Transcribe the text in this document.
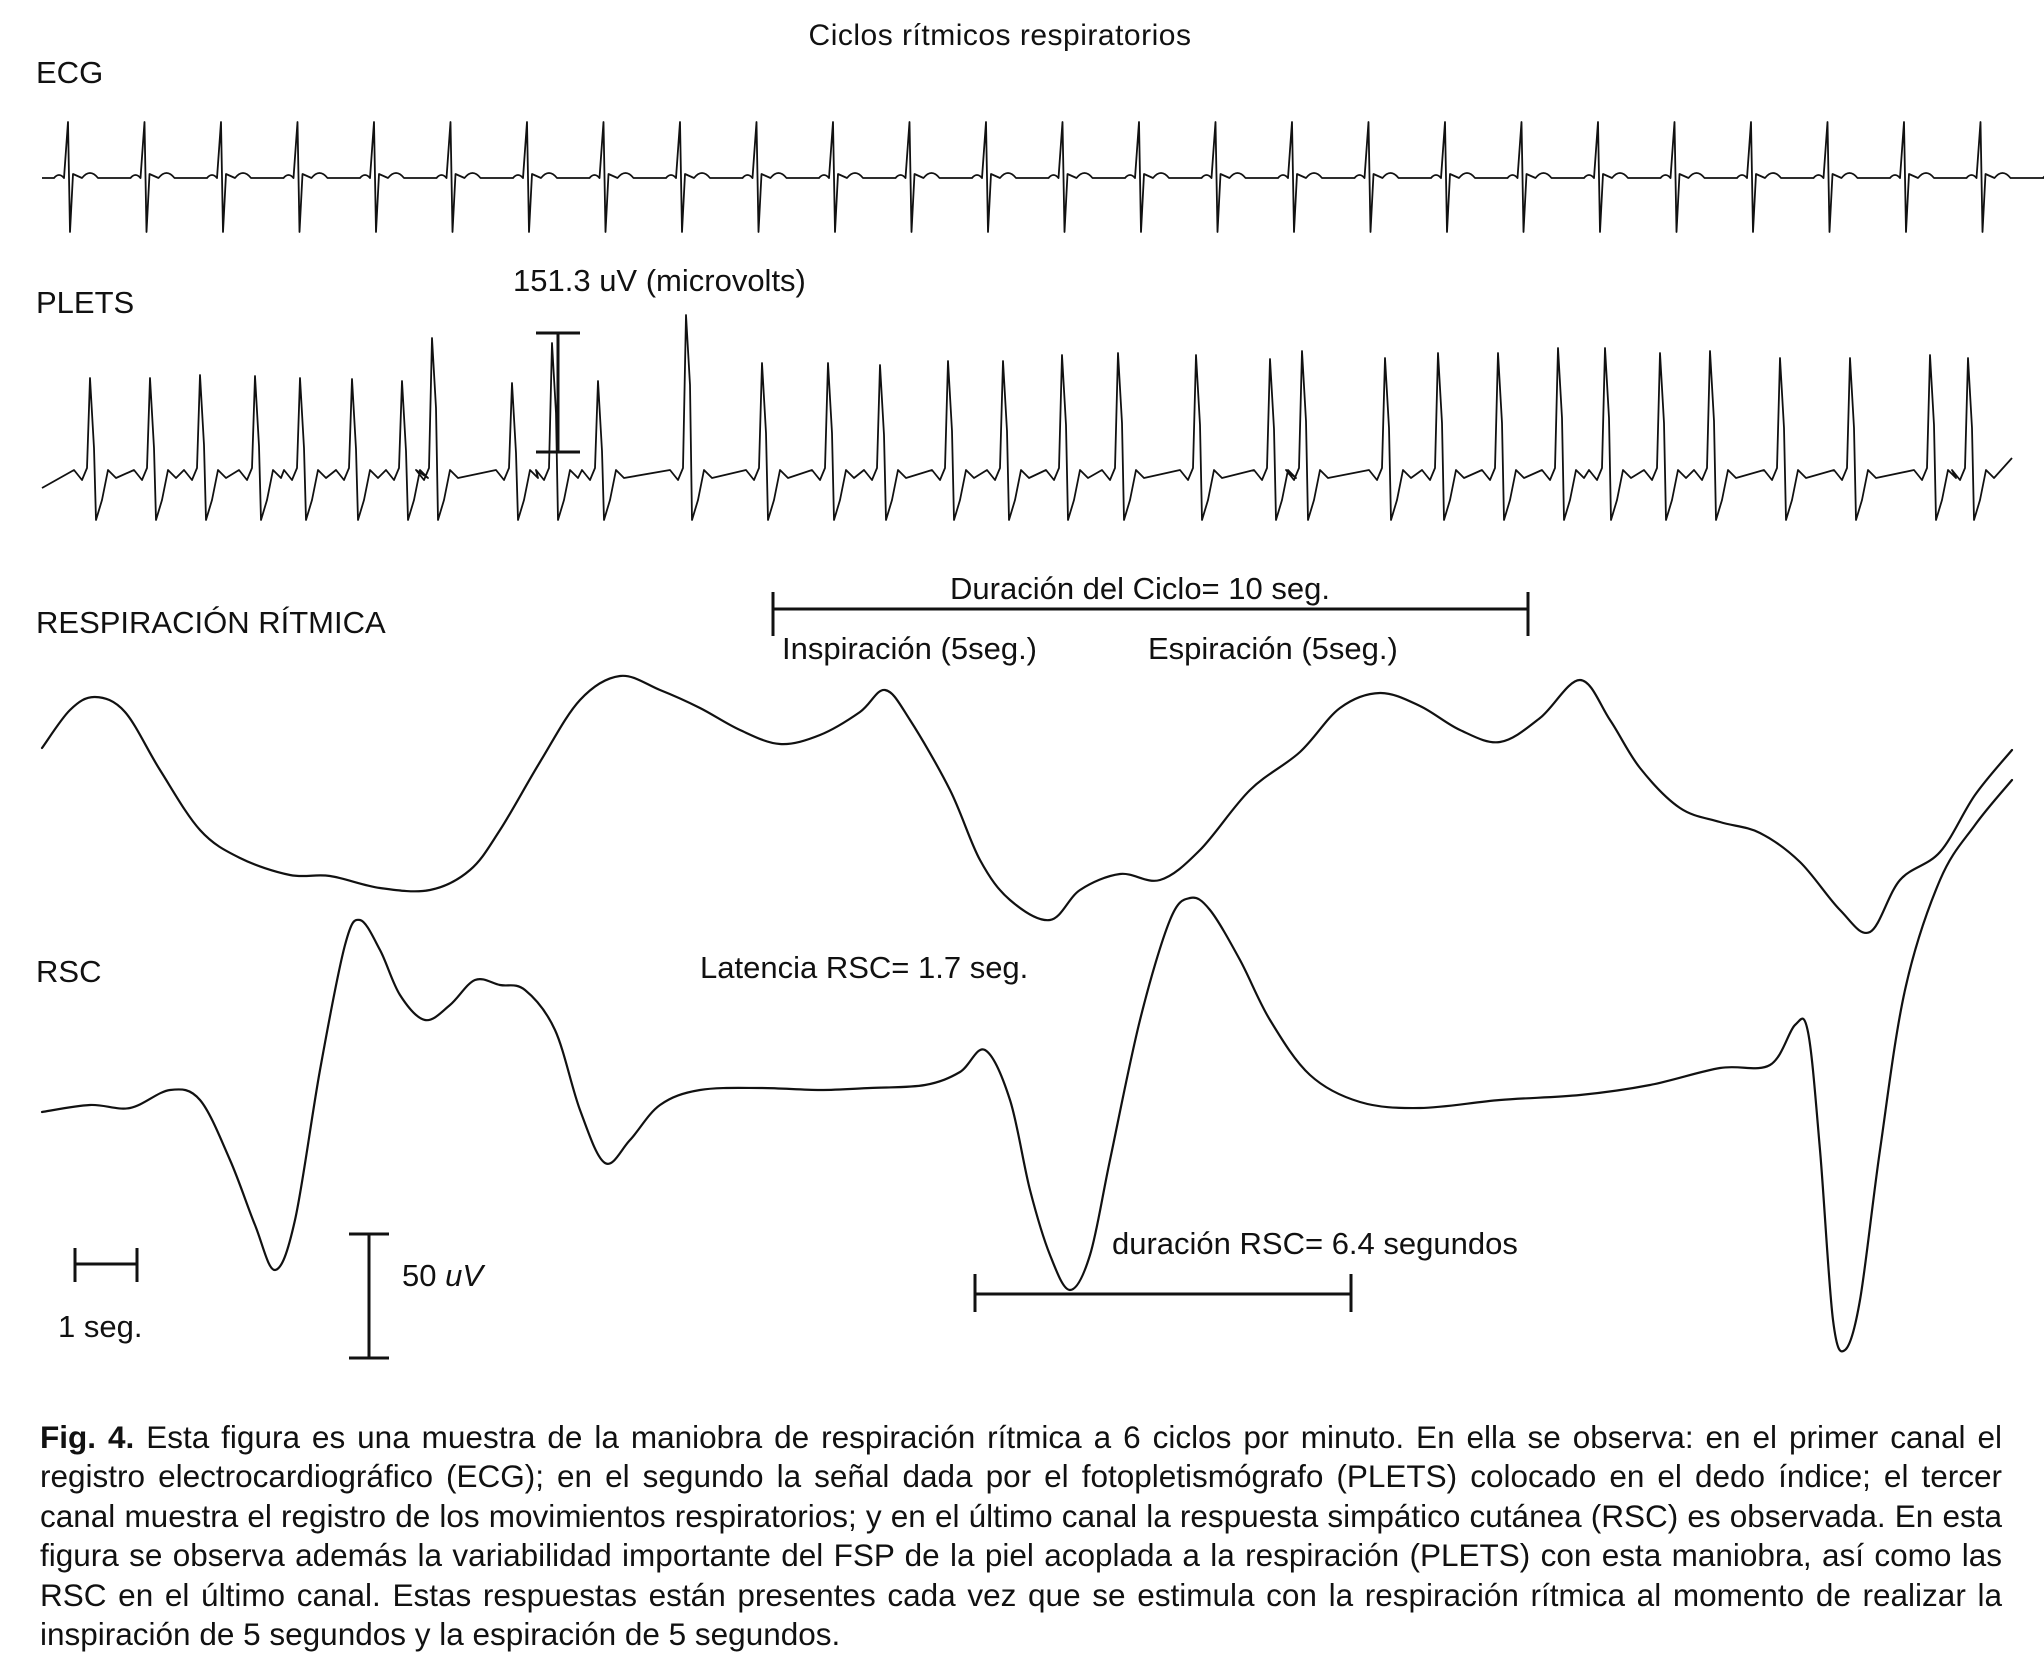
Ciclos rítmicos respiratorios
ECG
PLETS
RESPIRACIÓN RÍTMICA
RSC
151.3 uV (microvolts)
Duración del Ciclo= 10 seg.
Inspiración (5seg.)	Espiración (5seg.)
Latencia RSC= 1.7 seg.
duración RSC= 6.4 segundos
1 seg.
50 uV
Fig. 4. Esta figura es una muestra de la maniobra de respiración rítmica a 6 ciclos por minuto. En ella se observa: en el primer canal el registro electrocardiográfico (ECG); en el segundo la señal dada por el fotopletismógrafo (PLETS) colocado en el dedo índice; el tercer canal muestra el registro de los movimientos respiratorios; y en el último canal la respuesta simpático cutánea (RSC) es observada. En esta figura se observa además la variabilidad importante del FSP de la piel acoplada a la respiración (PLETS) con esta maniobra, así como las RSC en el último canal. Estas respuestas están presentes cada vez que se estimula con la respiración rítmica al momento de realizar la inspiración de 5 segundos y la espiración de 5 segundos.
